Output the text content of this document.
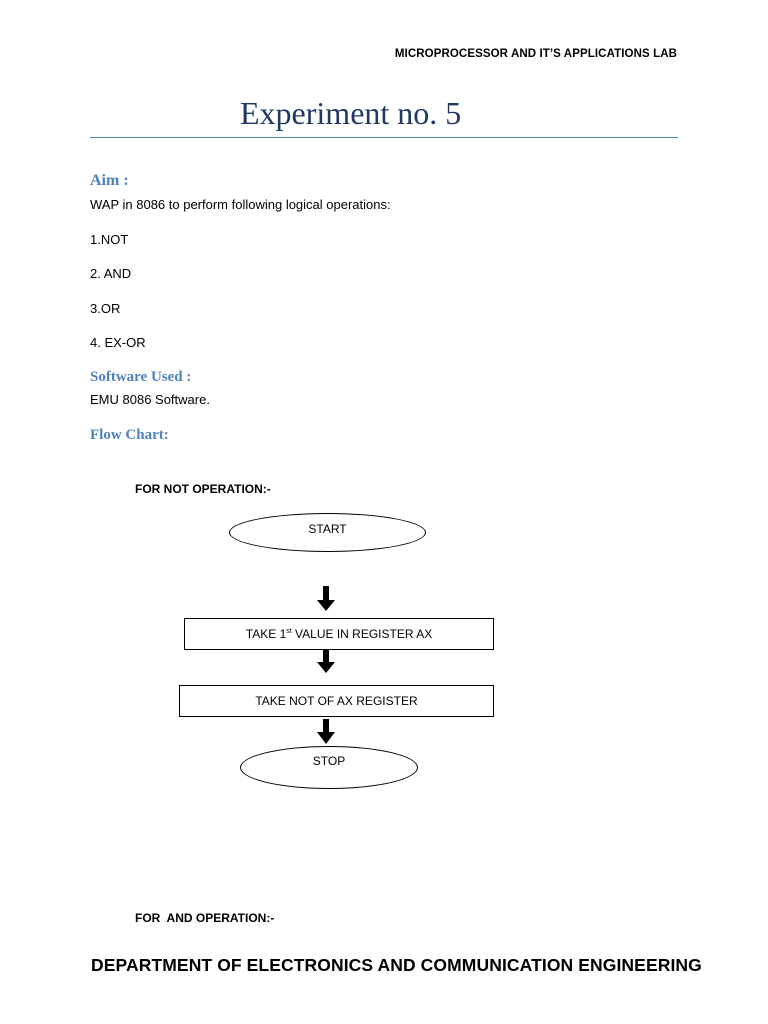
MICROPROCESSOR AND IT’S APPLICATIONS LAB
Experiment no. 5
Aim :
WAP in 8086 to perform following logical operations:
1.NOT
2. AND
3.OR
4. EX-OR
Software Used :
EMU 8086 Software.
Flow Chart:
FOR NOT OPERATION:-
START
TAKE 1st VALUE IN REGISTER AX
TAKE NOT OF AX REGISTER
STOP
FOR  AND OPERATION:-
DEPARTMENT OF ELECTRONICS AND COMMUNICATION ENGINEERING
